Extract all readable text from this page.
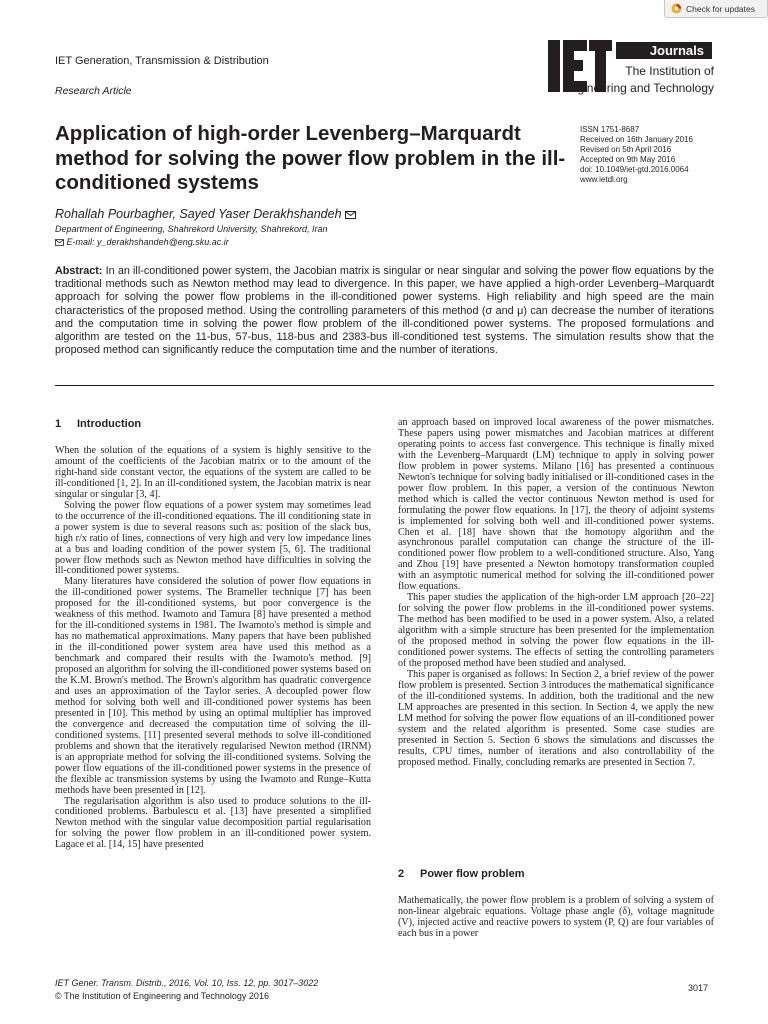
Check for updates
IET Generation, Transmission & Distribution
Research Article
Journals
The Institution of
Engineering and Technology
Application of high-order Levenberg–Marquardt method for solving the power flow problem in the ill-conditioned systems
ISSN 1751-8687
Received on 16th January 2016
Revised on 5th April 2016
Accepted on 9th May 2016
doi: 10.1049/iet-gtd.2016.0064
www.ietdl.org
Rohallah Pourbagher, Sayed Yaser Derakhshandeh
Department of Engineering, Shahrekord University, Shahrekord, Iran
E-mail: y_derakhshandeh@eng.sku.ac.ir

Abstract: In an ill-conditioned power system, the Jacobian matrix is singular or near singular and solving the power flow equations by the traditional methods such as Newton method may lead to divergence. In this paper, we have applied a high-order Levenberg–Marquardt approach for solving the power flow problems in the ill-conditioned power systems. High reliability and high speed are the main characteristics of the proposed method. Using the controlling parameters of this method (σ and μ) can decrease the number of iterations and the computation time in solving the power flow problem of the ill-conditioned power systems. The proposed formulations and algorithm are tested on the 11-bus, 57-bus, 118-bus and 2383-bus ill-conditioned test systems. The simulation results show that the proposed method can significantly reduce the computation time and the number of iterations.

1 Introduction

When the solution of the equations of a system is highly sensitive to the amount of the coefficients of the Jacobian matrix or to the amount of the right-hand side constant vector, the equations of the system are called to be ill-conditioned [1, 2]. In an ill-conditioned system, the Jacobian matrix is near singular or singular [3, 4].

Solving the power flow equations of a power system may sometimes lead to the occurrence of the ill-conditioned equations. The ill conditioning state in a power system is due to several reasons such as: position of the slack bus, high r/x ratio of lines, connections of very high and very low impedance lines at a bus and loading condition of the power system [5, 6]. The traditional power flow methods such as Newton method have difficulties in solving the ill-conditioned power systems.

Many literatures have considered the solution of power flow equations in the ill-conditioned power systems. The Brameller technique [7] has been proposed for the ill-conditioned systems, but poor convergence is the weakness of this method. Iwamoto and Tamura [8] have presented a method for the ill-conditioned systems in 1981. The Iwamoto's method is simple and has no mathematical approximations. Many papers that have been published in the ill-conditioned power system area have used this method as a benchmark and compared their results with the Iwamoto's method. [9] proposed an algorithm for solving the ill-conditioned power systems based on the K.M. Brown's method. The Brown's algorithm has quadratic convergence and uses an approximation of the Taylor series. A decoupled power flow method for solving both well and ill-conditioned power systems has been presented in [10]. This method by using an optimal multiplier has improved the convergence and decreased the computation time of solving the ill-conditioned systems. [11] presented several methods to solve ill-conditioned problems and shown that the iteratively regularised Newton method (IRNM) is an appropriate method for solving the ill-conditioned systems. Solving the power flow equations of the ill-conditioned power systems in the presence of the flexible ac transmission systems by using the Iwamoto and Runge–Kutta methods have been presented in [12].

The regularisation algorithm is also used to produce solutions to the ill-conditioned problems. Barbulescu et al. [13] have presented a simplified Newton method with the singular value decomposition partial regularisation for solving the power flow problem in an ill-conditioned power system. Lagace et al. [14, 15] have presented

an approach based on improved local awareness of the power mismatches. These papers using power mismatches and Jacobian matrices at different operating points to access fast convergence. This technique is finally mixed with the Levenberg–Marquardt (LM) technique to apply in solving power flow problem in power systems. Milano [16] has presented a continuous Newton's technique for solving badly initialised or ill-conditioned cases in the power flow problem. In this paper, a version of the continuous Newton method which is called the vector continuous Newton method is used for formulating the power flow equations. In [17], the theory of adjoint systems is implemented for solving both well and ill-conditioned power systems. Chen et al. [18] have shown that the homotopy algorithm and the asynchronous parallel computation can change the structure of the ill-conditioned power flow problem to a well-conditioned structure. Also, Yang and Zhou [19] have presented a Newton homotopy transformation coupled with an asymptotic numerical method for solving the ill-conditioned power flow equations.

This paper studies the application of the high-order LM approach [20–22] for solving the power flow problems in the ill-conditioned power systems. The method has been modified to be used in a power system. Also, a related algorithm with a simple structure has been presented for the implementation of the proposed method in solving the power flow equations in the ill-conditioned power systems. The effects of setting the controlling parameters of the proposed method have been studied and analysed.

This paper is organised as follows: In Section 2, a brief review of the power flow problem is presented. Section 3 introduces the mathematical significance of the ill-conditioned systems. In addition, both the traditional and the new LM approaches are presented in this section. In Section 4, we apply the new LM method for solving the power flow equations of an ill-conditioned power system and the related algorithm is presented. Some case studies are presented in Section 5. Section 6 shows the simulations and discusses the results, CPU times, number of iterations and also controllability of the proposed method. Finally, concluding remarks are presented in Section 7.

2 Power flow problem

Mathematically, the power flow problem is a problem of solving a system of non-linear algebraic equations. Voltage phase angle (δ), voltage magnitude (V), injected active and reactive powers to system (P, Q) are four variables of each bus in a power

IET Gener. Transm. Distrib., 2016, Vol. 10, Iss. 12, pp. 3017–3022
© The Institution of Engineering and Technology 2016
3017
